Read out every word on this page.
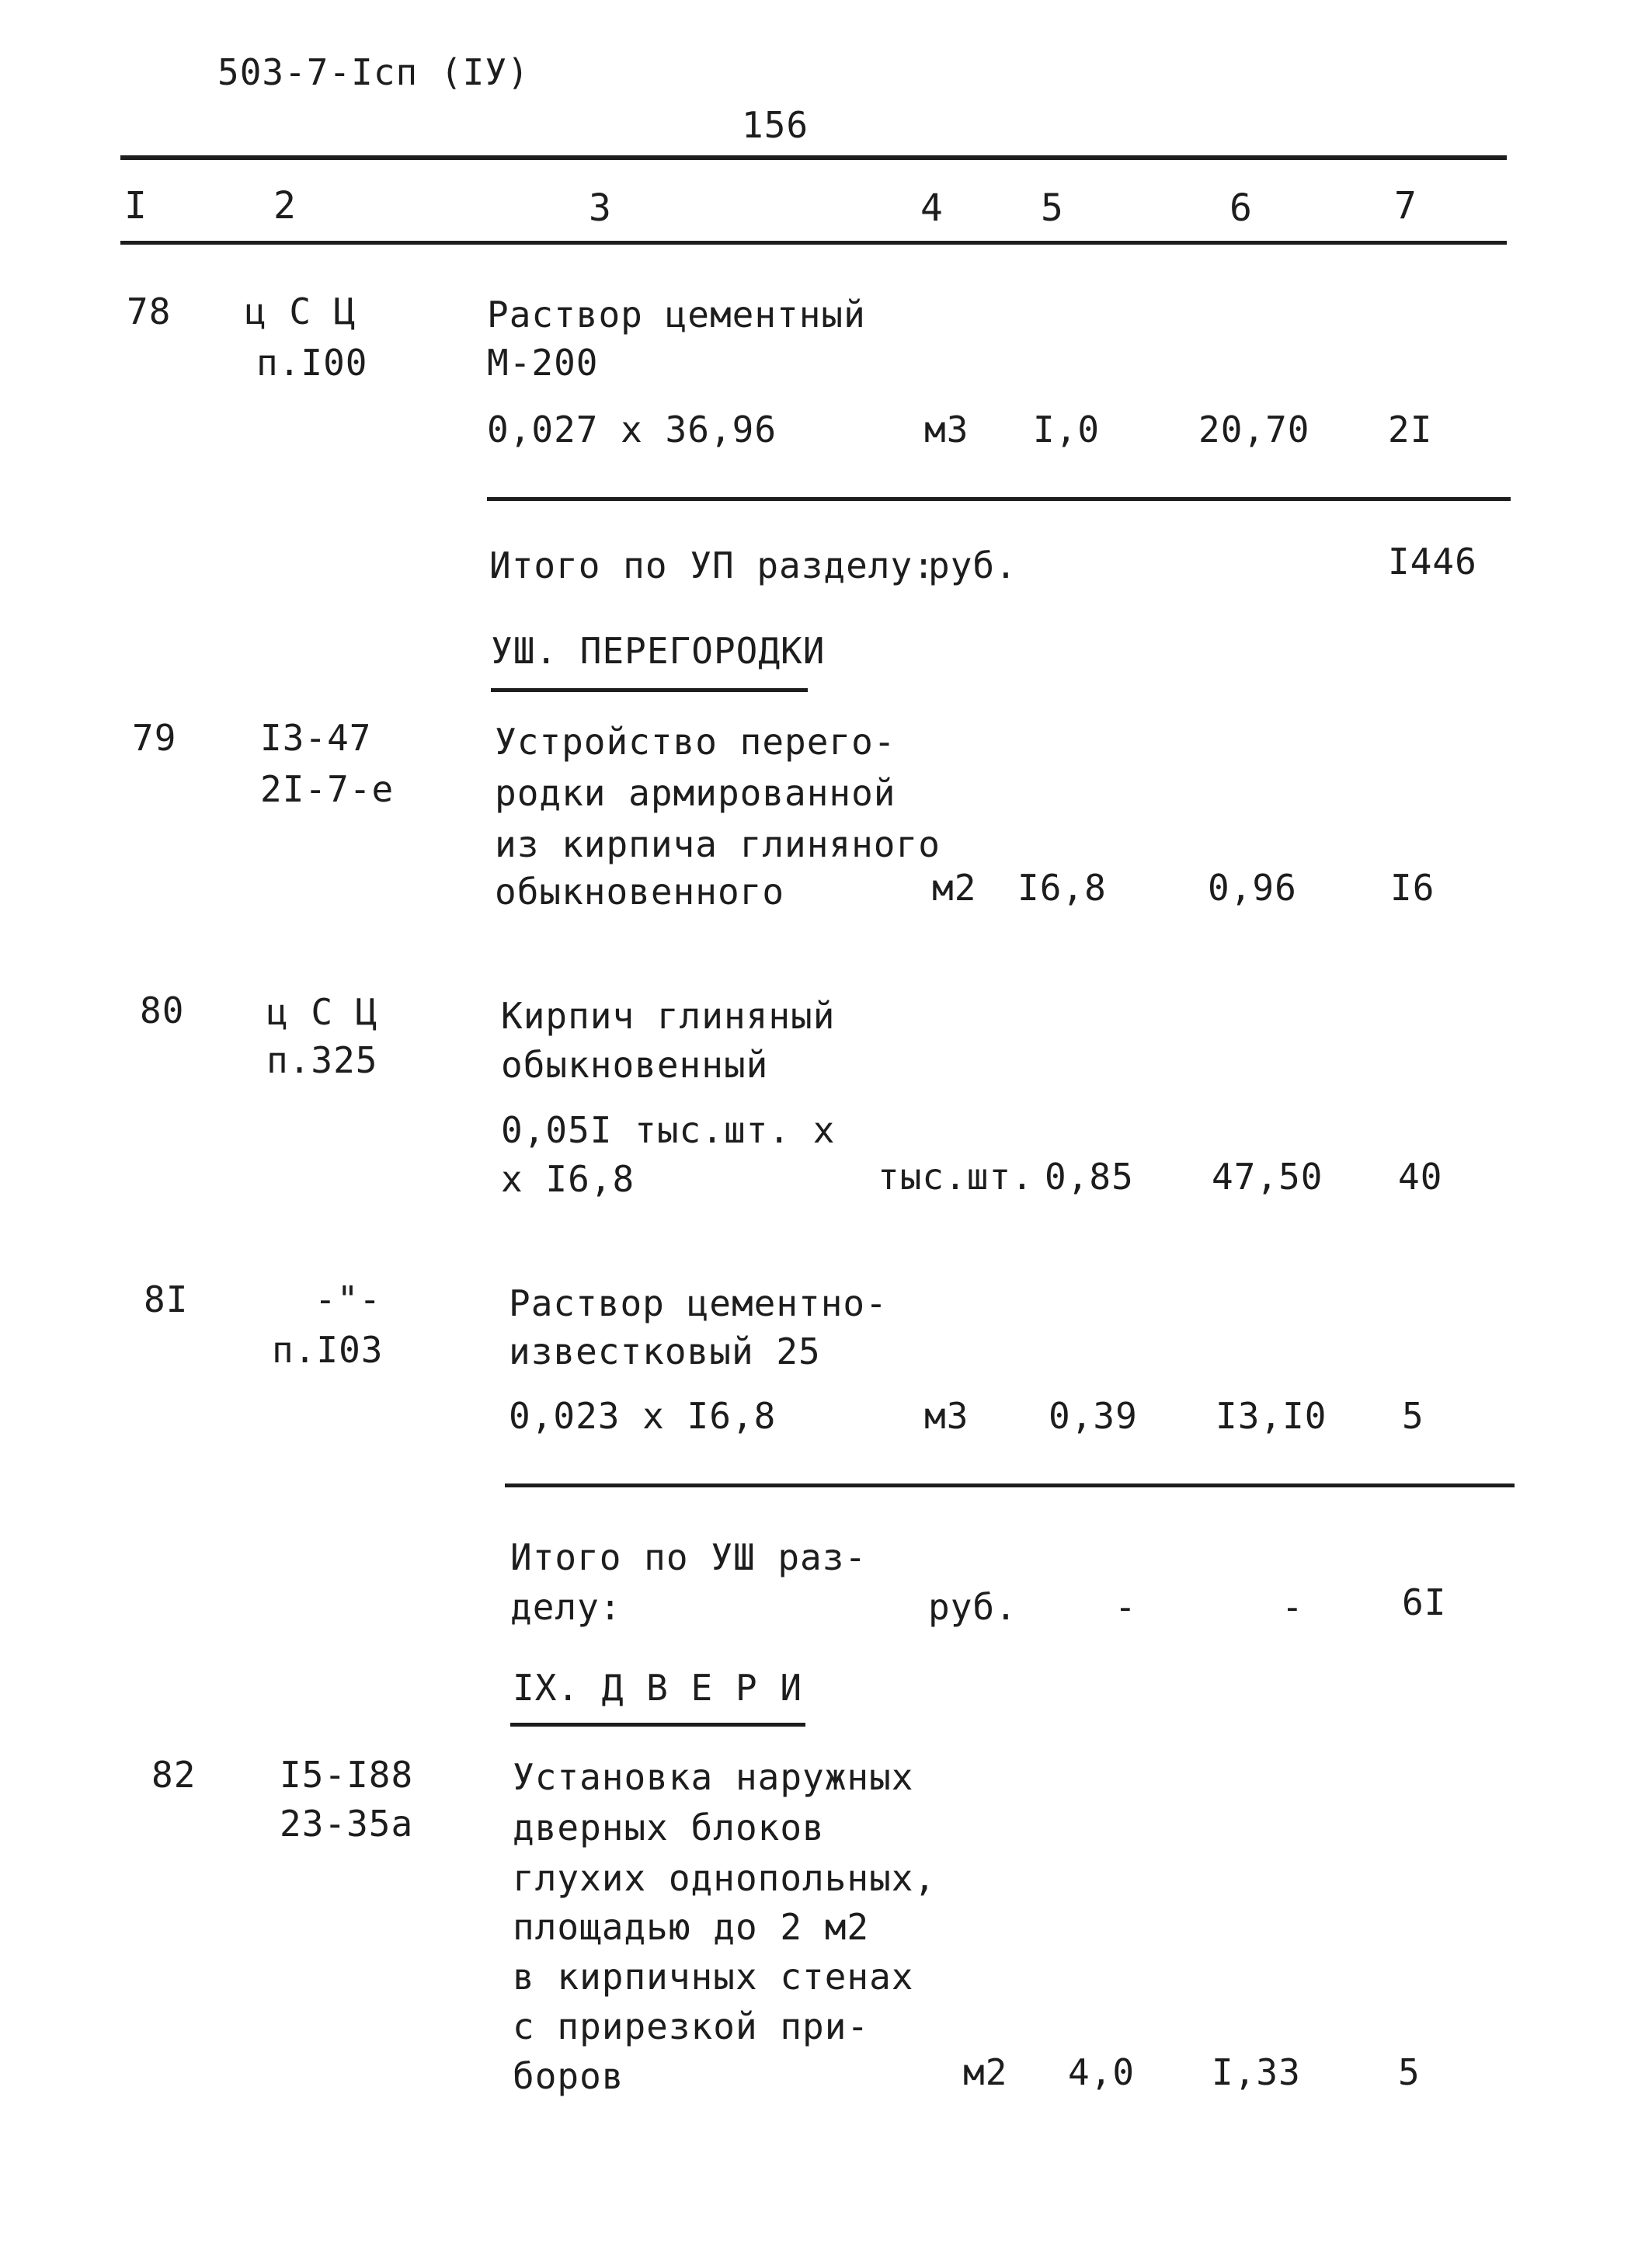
503-7-Iсп (IУ)
156
I	2	3	4	5	6	7
78 ц С Ц
п.I00
Раствор цементный
М-200
0,027 х 36,96	м3 I,0	20,70 2I
Итого по УП разделу:
руб.	I446
УШ. ПЕРЕГОРОДКИ
79 I3-47
2I-7-е
Устройство перего-
родки армированной
из кирпича глиняного
обыкновенного	м2 I6,8	0,96	I6
80 ц С Ц
п.325
Кирпич глиняный
обыкновенный
0,05I тыс.шт. х
х I6,8	тыс.шт. 0,85 47,50 40
8I	-"-
п.I03
Раствор цементно-
известковый 25
0,023 х I6,8	м3 0,39 I3,I0 5
Итого по УШ раз-
делу:	руб.	-	-	6I
IХ. Д В Е Р И
82 I5-I88
23-35а
Установка наружных
дверных блоков
глухих однопольных,
площадью до 2 м2
в кирпичных стенах
с прирезкой при-
боров	м2 4,0 I,33	5
